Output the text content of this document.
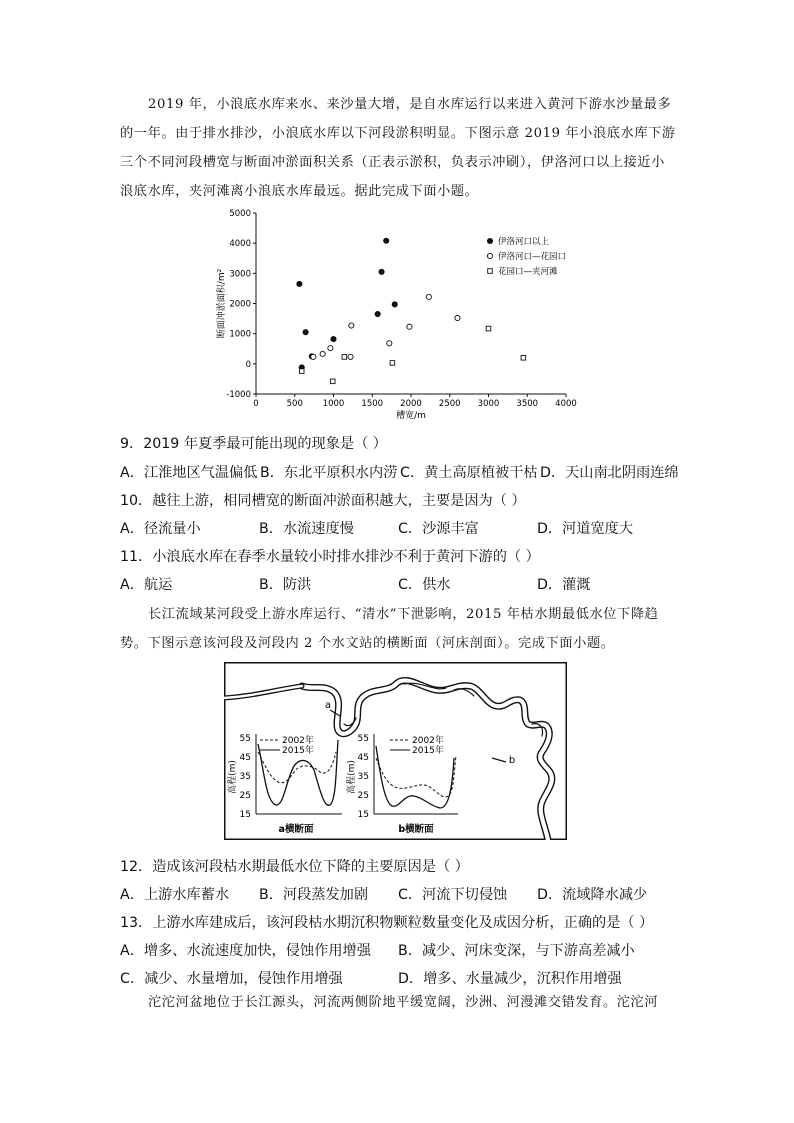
2019 年，小浪底水库来水、来沙量大增，是自水库运行以来进入黄河下游水沙量最多
的一年。由于排水排沙，小浪底水库以下河段淤积明显。下图示意 2019 年小浪底水库下游
三个不同河段槽宽与断面冲淤面积关系（正表示淤积，负表示冲刷），伊洛河口以上接近小
浪底水库，夹河滩离小浪底水库最远。据此完成下面小题。
0	500 1000 1500 2000 2500 3000 3500 4000
-1000
0
1000
2000
3000
4000
5000
伊洛河口以上
伊洛河口—花园口
花园口—夹河滩
槽宽/m
断面冲淤面积/m²
9．2019 年夏季最可能出现的现象是（ ）
A．江淮地区气温偏低 B．东北平原积水内涝 C．黄土高原植被干枯 D．天山南北阴雨连绵
10．越往上游，相同槽宽的断面冲淤面积越大，主要是因为（ ）
A．径流量小	B．水流速度慢	C．沙源丰富	D．河道宽度大
11．小浪底水库在春季水量较小时排水排沙不利于黄河下游的（ ）
A．航运	B．防洪	C．供水	D．灌溉
长江流域某河段受上游水库运行、“清水”下泄影响，2015 年枯水期最低水位下降趋
势。下图示意该河段及河段内 2 个水文站的横断面（河床剖面）。完成下面小题。
a
b
55
45
35
25
15
高程(m)
2002年
2015年
a横断面
55
45
35
25
15
高程(m)
2002年
2015年
b横断面
12．造成该河段枯水期最低水位下降的主要原因是（ ）
A．上游水库蓄水 B．河段蒸发加剧 C．河流下切侵蚀 D．流域降水减少
13．上游水库建成后，该河段枯水期沉积物颗粒数量变化及成因分析，正确的是（ ）
A．增多、水流速度加快，侵蚀作用增强 B．减少、河床变深，与下游高差减小
C．减少、水量增加，侵蚀作用增强	D．增多、水量减少，沉积作用增强
沱沱河盆地位于长江源头，河流两侧阶地平缓宽阔，沙洲、河漫滩交错发育。沱沱河
